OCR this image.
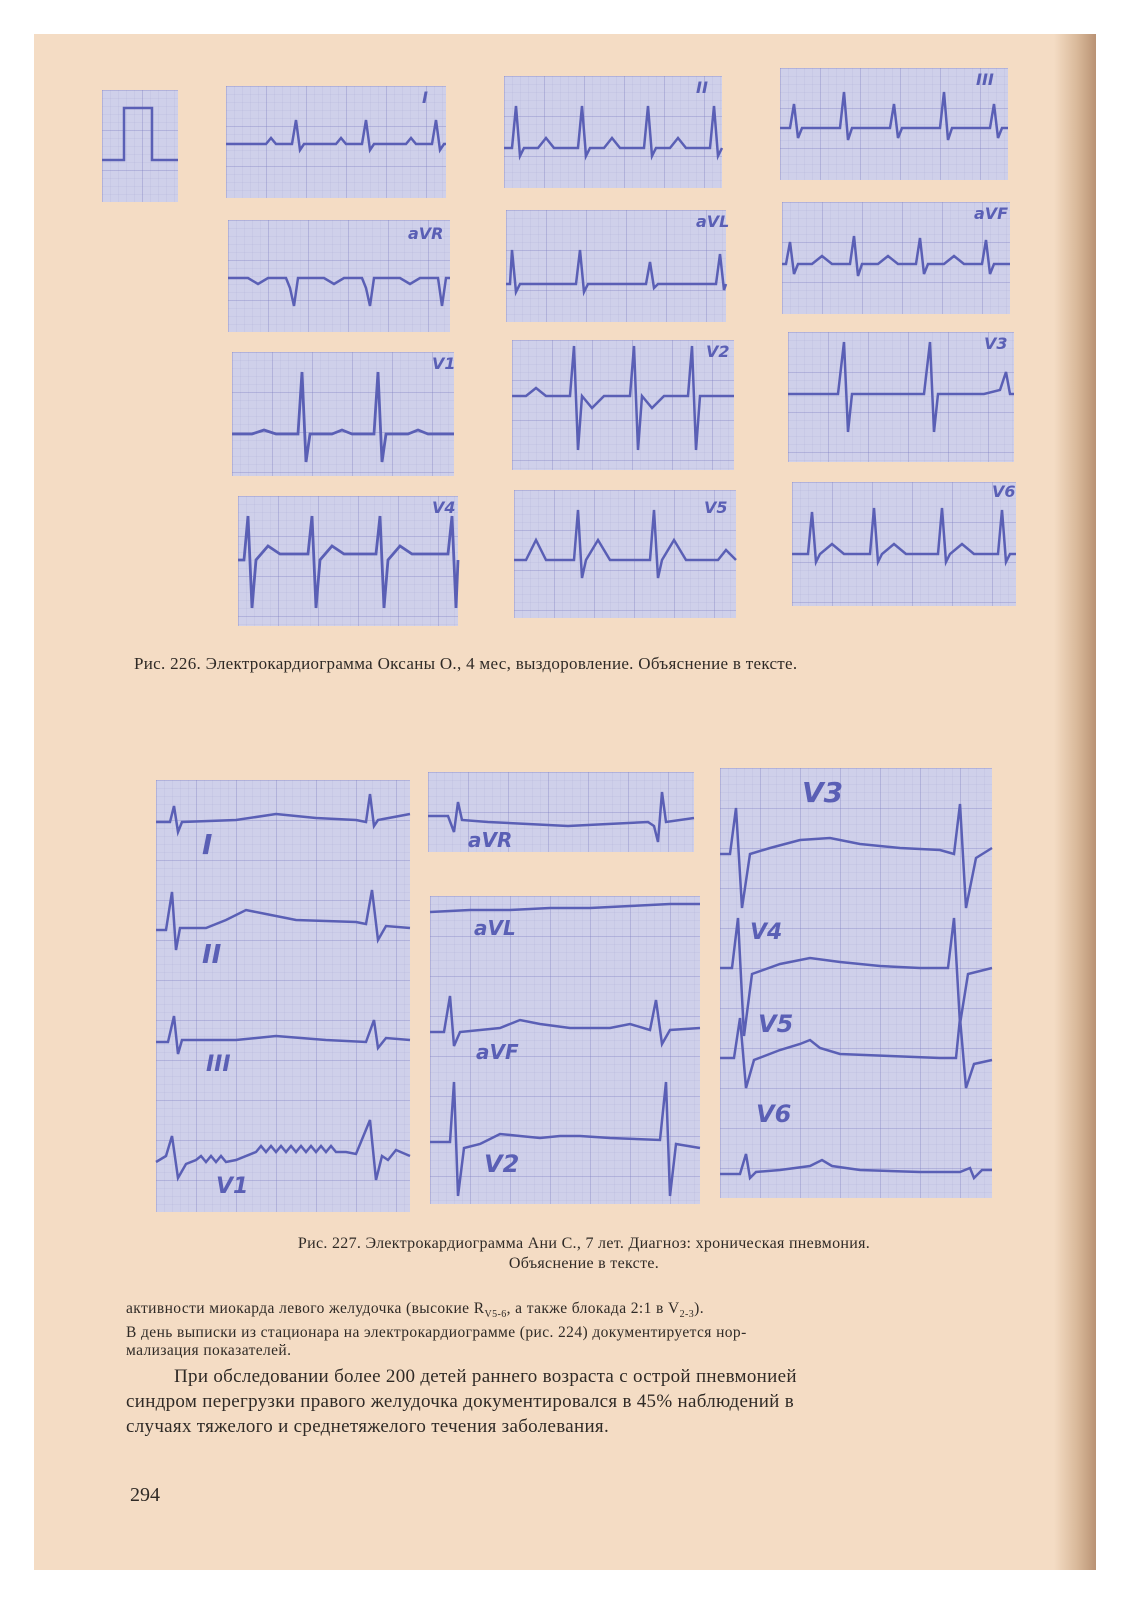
I
II	III
aVR
aVL	aVF
V1
V2	V3
V4	V5
V6
Рис. 226. Электрокардиограмма Оксаны О., 4 мес, выздоровление. Объяснение в тексте.
I
II
III
V1
aVR
aVL
aVF
V2
V3
V4
V5
V6
Рис. 227. Электрокардиограмма Ани С., 7 лет. Диагноз: хроническая пневмония.
Объяснение в тексте.
активности миокарда левого желудочка (высокие $R_{V5-6}$, а также блокада 2:1 в $V_{2-3}$).
В день выписки из стационара на электрокардиограмме (рис. 224) документируется нор-
мализация показателей.
При обследовании более 200 детей раннего возраста с острой пневмонией
синдром перегрузки правого желудочка документировался в 45% наблюдений в
случаях тяжелого и среднетяжелого течения заболевания.
294
